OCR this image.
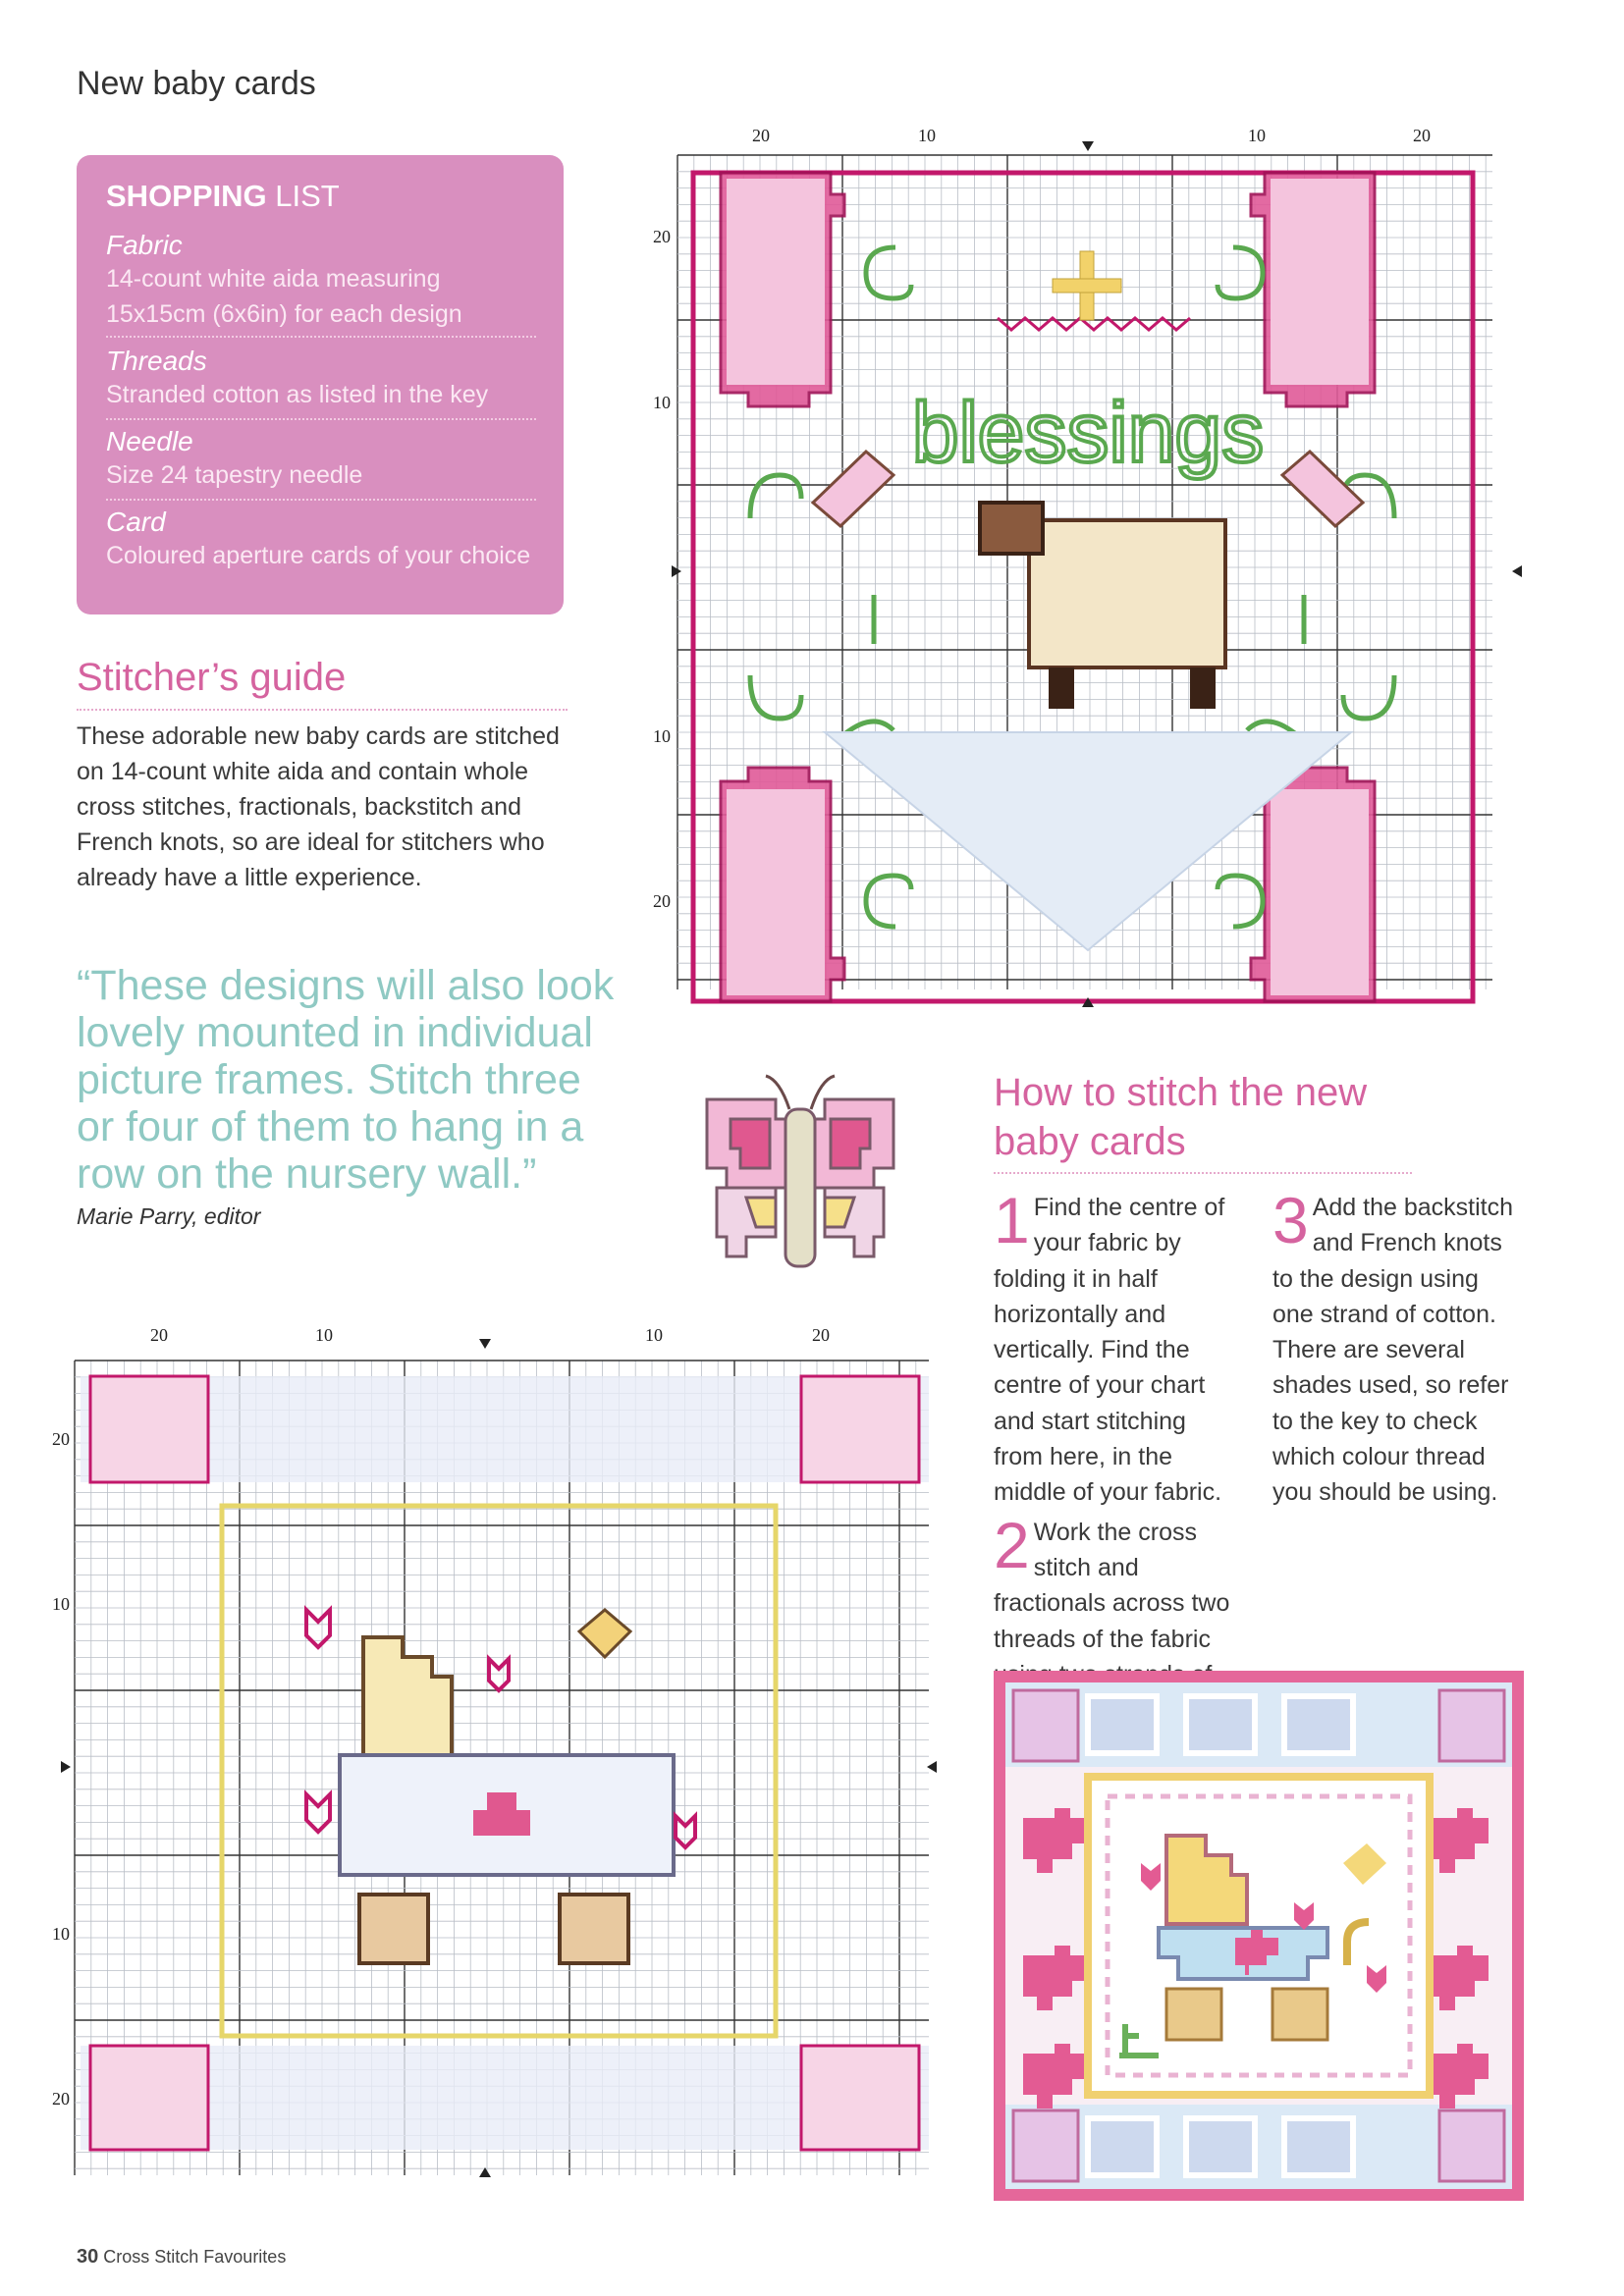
New baby cards
SHOPPING LIST
Fabric
14-count white aida measuring 15x15cm (6x6in) for each design
Threads
Stranded cotton as listed in the key
Needle
Size 24 tapestry needle
Card
Coloured aperture cards of your choice
Stitcher’s guide
These adorable new baby cards are stitched on 14-count white aida and contain whole cross stitches, fractionals, backstitch and French knots, so are ideal for stitchers who already have a little experience.
“These designs will also look lovely mounted in individual picture frames. Stitch three or four of them to hang in a row on the nursery wall.”
Marie Parry, editor
20	10	10	20
20
10
10
20
blessings
How to stitch the new baby cards
1 Find the centre of your fabric by folding it in half horizontally and vertically. Find the centre of your chart and start stitching from here, in the middle of your fabric.
2 Work the cross stitch and fractionals across two threads of the fabric
3 Add the backstitch and French knots to the design using one strand of cotton. There are several shades used, so refer to the key to check which colour thread you should be using.
20	10	10	20
20
10
10
20
30 Cross Stitch Favourites
